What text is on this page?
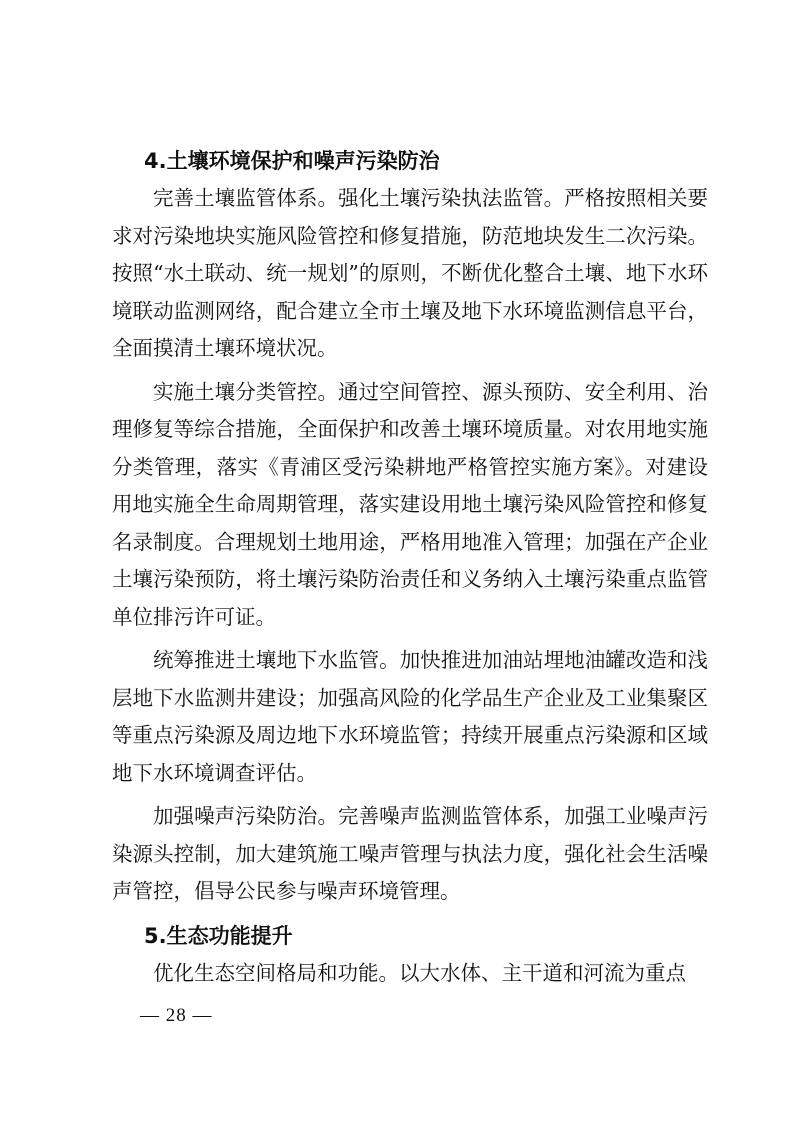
4.土壤环境保护和噪声污染防治

完善土壤监管体系。强化土壤污染执法监管。严格按照相关要求对污染地块实施风险管控和修复措施，防范地块发生二次污染。按照“水土联动、统一规划”的原则，不断优化整合土壤、地下水环境联动监测网络，配合建立全市土壤及地下水环境监测信息平台，全面摸清土壤环境状况。

实施土壤分类管控。通过空间管控、源头预防、安全利用、治理修复等综合措施，全面保护和改善土壤环境质量。对农用地实施分类管理，落实《青浦区受污染耕地严格管控实施方案》。对建设用地实施全生命周期管理，落实建设用地土壤污染风险管控和修复名录制度。合理规划土地用途，严格用地准入管理；加强在产企业土壤污染预防，将土壤污染防治责任和义务纳入土壤污染重点监管单位排污许可证。

统筹推进土壤地下水监管。加快推进加油站埋地油罐改造和浅层地下水监测井建设；加强高风险的化学品生产企业及工业集聚区等重点污染源及周边地下水环境监管；持续开展重点污染源和区域地下水环境调查评估。

加强噪声污染防治。完善噪声监测监管体系，加强工业噪声污染源头控制，加大建筑施工噪声管理与执法力度，强化社会生活噪声管控，倡导公民参与噪声环境管理。

5.生态功能提升

优化生态空间格局和功能。以大水体、主干道和河流为重点

— 28 —
